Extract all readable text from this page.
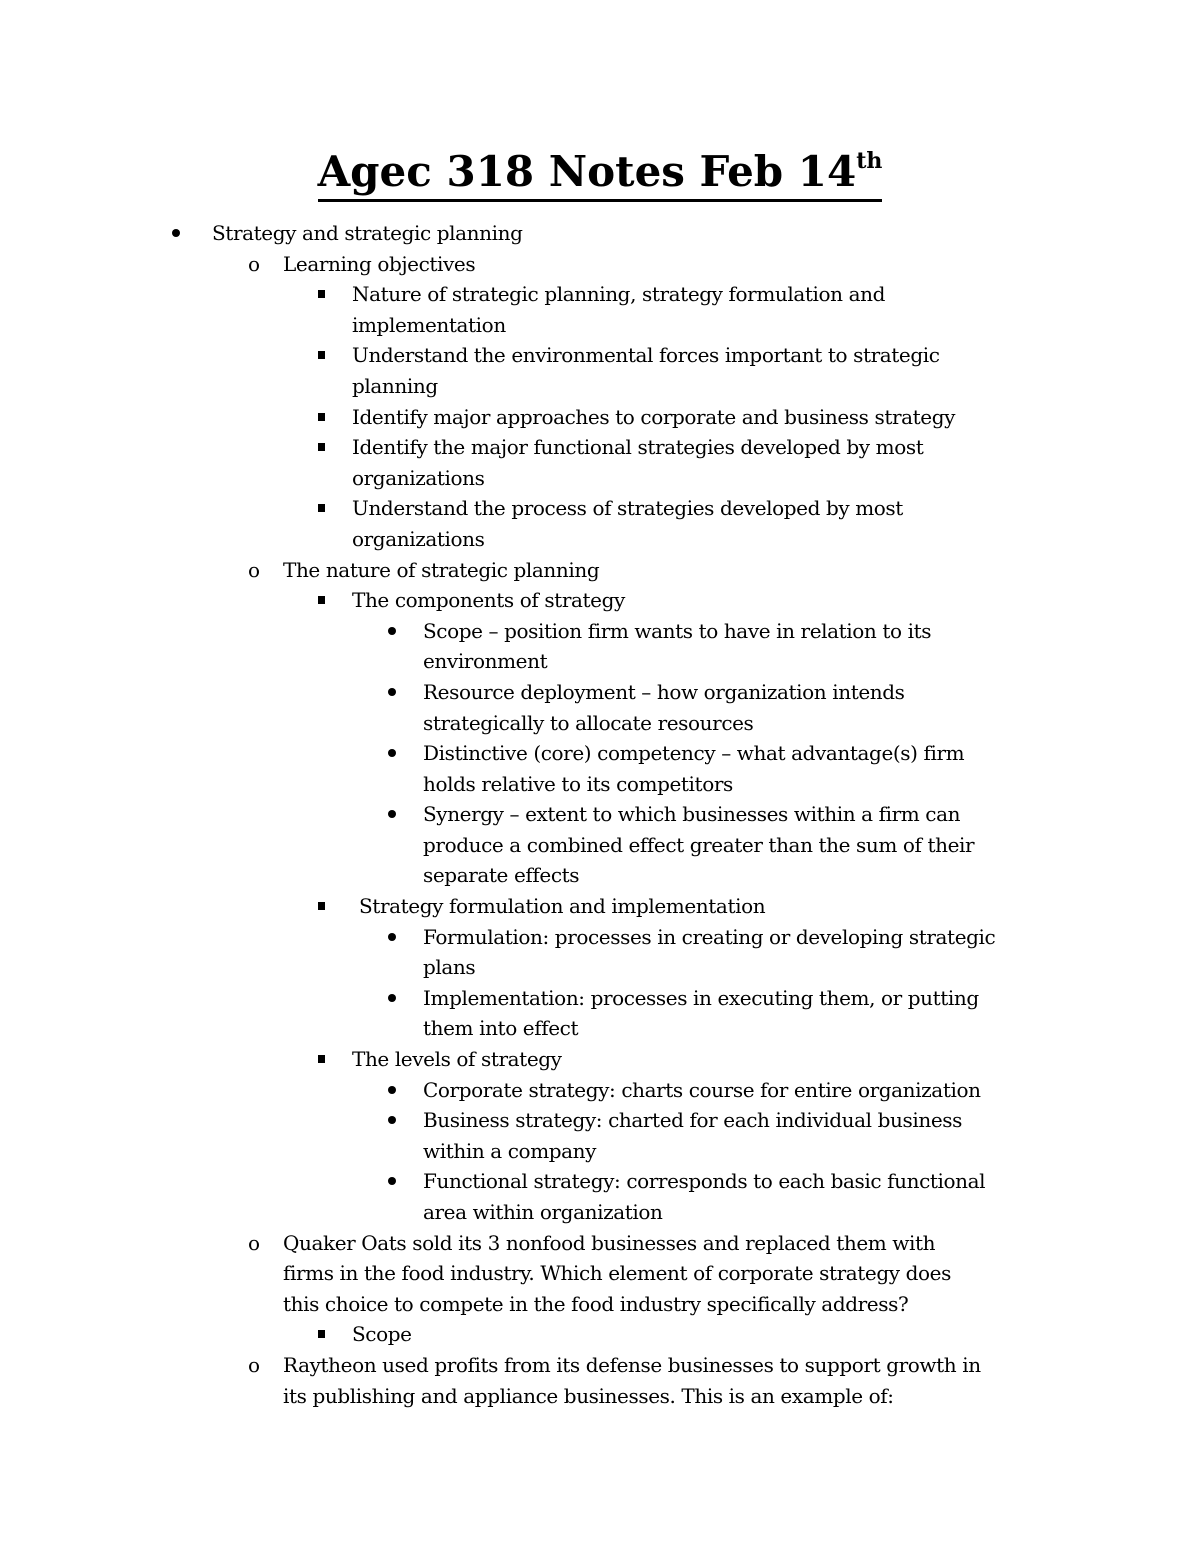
Agec 318 Notes Feb 14th
Strategy and strategic planning
o Learning objectives
Nature of strategic planning, strategy formulation and
implementation
Understand the environmental forces important to strategic
planning
Identify major approaches to corporate and business strategy
Identify the major functional strategies developed by most
organizations
Understand the process of strategies developed by most
organizations
o The nature of strategic planning
The components of strategy
Scope – position firm wants to have in relation to its
environment
Resource deployment – how organization intends
strategically to allocate resources
Distinctive (core) competency – what advantage(s) firm
holds relative to its competitors
Synergy – extent to which businesses within a firm can
produce a combined effect greater than the sum of their
separate effects
Strategy formulation and implementation
Formulation: processes in creating or developing strategic
plans
Implementation: processes in executing them, or putting
them into effect
The levels of strategy
Corporate strategy: charts course for entire organization
Business strategy: charted for each individual business
within a company
Functional strategy: corresponds to each basic functional
area within organization
o Quaker Oats sold its 3 nonfood businesses and replaced them with
firms in the food industry. Which element of corporate strategy does
this choice to compete in the food industry specifically address?
Scope
o Raytheon used profits from its defense businesses to support growth in
its publishing and appliance businesses. This is an example of:
